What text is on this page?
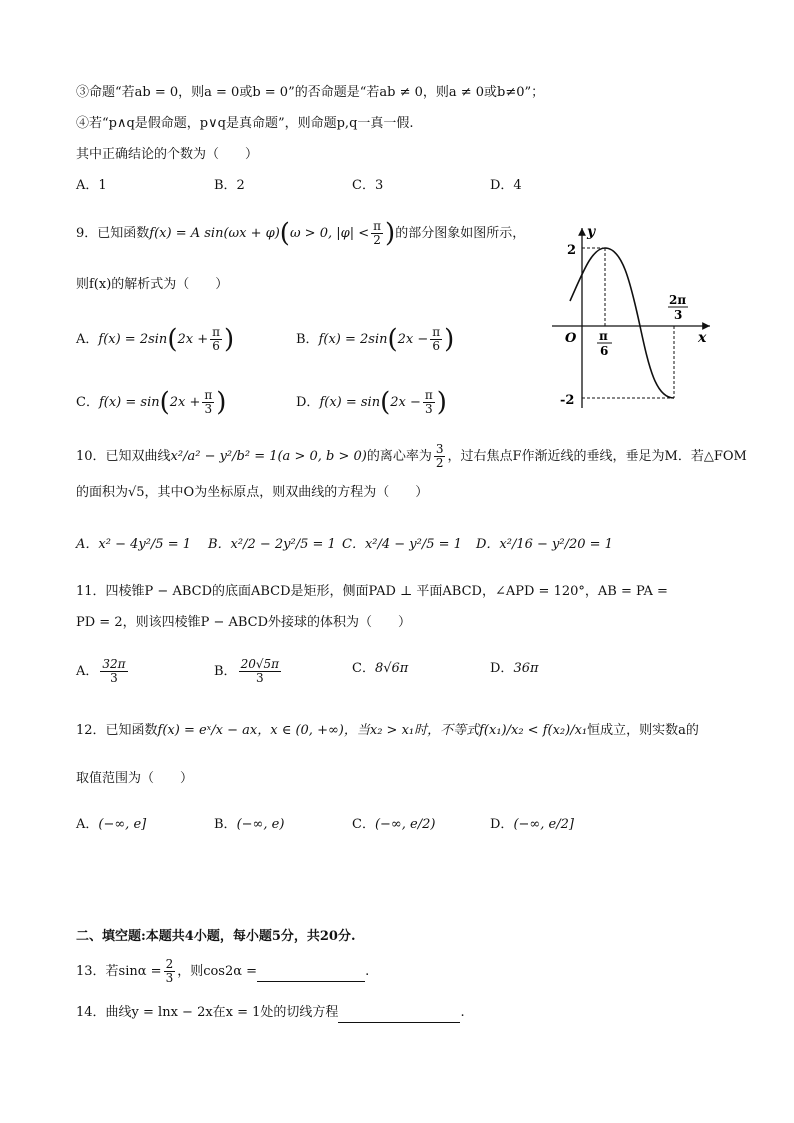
③命题“若ab = 0，则a = 0或b = 0”的否命题是“若ab ≠ 0，则a ≠ 0或b≠0”；
④若“p∧q是假命题，p∨q是真命题”，则命题p,q一真一假.
其中正确结论的个数为（　　）
A．1	B．2	C．3	D．4
9．已知函数f(x) = A sin(ωx + φ)(ω > 0, $|\varphi| < \frac{\pi}{2}$ )的部分图象如图所示，
则f(x)的解析式为（　　）
A．$f(x) = 2\sin(2x + \frac{\pi}{6}$ )	B．$f(x) = 2\sin(2x - \frac{\pi}{6}$ )
C．$f(x) = \sin(2x + \frac{\pi}{3}$ )	D．$f(x) = \sin(2x - \frac{\pi}{3}$ )
y
x
O
2
-2
π
6
2π
3
10．已知双曲线x²/a² − y²/b² = 1(a > 0, b > 0)的离心率为 $\frac{3}{2}$ ，过右焦点F作渐近线的垂线，垂足为M．若△FOM
的面积为√5，其中O为坐标原点，则双曲线的方程为（　　）
A．x² − 4y²/5 = 1 B．x²/2 − 2y²/5 = 1 C．x²/4 − y²/5 = 1 D．x²/16 − y²/20 = 1
11．四棱锥P − ABCD的底面ABCD是矩形，侧面PAD ⊥ 平面ABCD，∠APD = 120°，AB = PA =
PD = 2，则该四棱锥P − ABCD外接球的体积为（　　）
A． $\frac{32\pi}{3}$	B． $\frac{20√5\pi}{3}$	C．8√6π	D．36π
12．已知函数f(x) = eˣ/x − ax，x ∈ (0, +∞)，当x₂ > x₁时，不等式f(x₁)/x₂ < f(x₂)/x₁恒成立，则实数a的
取值范围为（　　）
A．(−∞, e]	B．(−∞, e)	C．(−∞, e/2)	D．(−∞, e/2]
二、填空题:本题共4小题，每小题5分，共20分.
13．若$\sin\alpha = \frac{2}{3}$ ，则cos2α =	.
14．曲线y = lnx − 2x在x = 1处的切线方程	.
